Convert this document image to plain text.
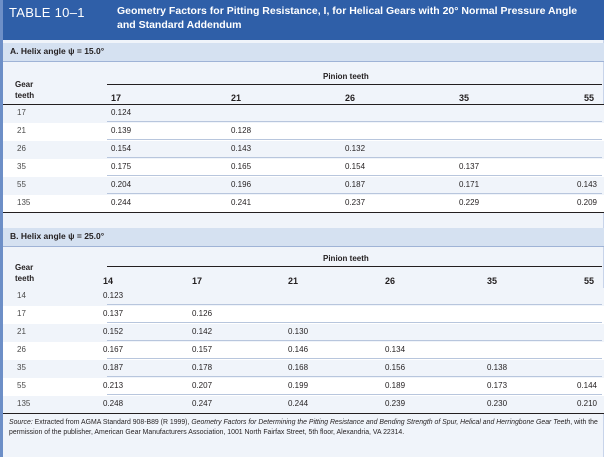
TABLE 10–1	Geometry Factors for Pitting Resistance, I, for Helical Gears with 20° Normal Pressure Angle and Standard Addendum
A. Helix angle ψ = 15.0°
Pinion teeth
Gear
teeth	17	21	26	35	55
17	0.124
21	0.139	0.128
26	0.154	0.143	0.132
35	0.175	0.165	0.154	0.137
55	0.204	0.196	0.187	0.171	0.143
135	0.244	0.241	0.237	0.229	0.209
B. Helix angle ψ = 25.0°
Pinion teeth
Gear
teeth	14	17	21	26	35	55
14	0.123
17	0.137	0.126
21	0.152	0.142	0.130
26	0.167	0.157	0.146	0.134
35	0.187	0.178	0.168	0.156	0.138
55	0.213	0.207	0.199	0.189	0.173	0.144
135	0.248	0.247	0.244	0.239	0.230	0.210
Source: Extracted from AGMA Standard 908-B89 (R 1999), Geometry Factors for Determining the Pitting Resistance and Bending Strength of Spur, Helical and Herringbone Gear Teeth, with the permission of the publisher, American Gear Manufacturers Association, 1001 North Fairfax Street, 5th floor, Alexandria, VA 22314.
